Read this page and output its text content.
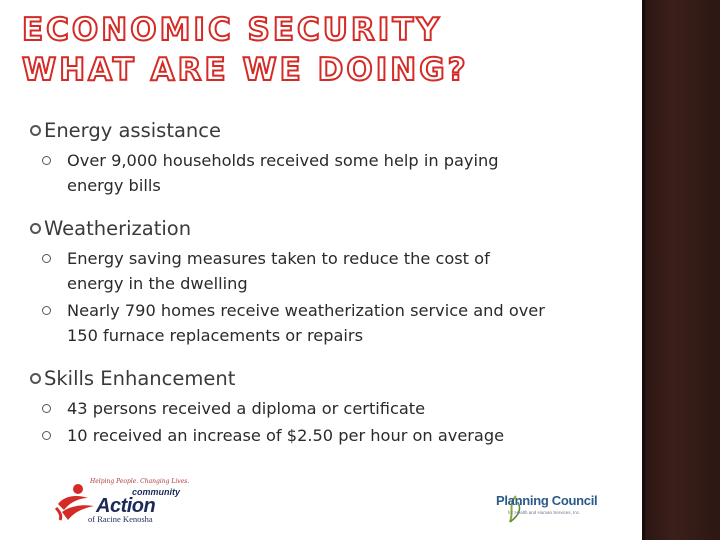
ECONOMIC SECURITY
WHAT ARE WE DOING?
Energy assistance
Over 9,000 households received some help in paying energy bills
Weatherization
Energy saving measures taken to reduce the cost of energy in the dwelling
Nearly 790 homes receive weatherization service and over 150 furnace replacements or repairs
Skills Enhancement
43 persons received a diploma or certificate
10 received an increase of $2.50 per hour on average
Helping People. Changing Lives.
community
Action
of Racine Kenosha
Planning Council
for Health and Human Services, Inc.
